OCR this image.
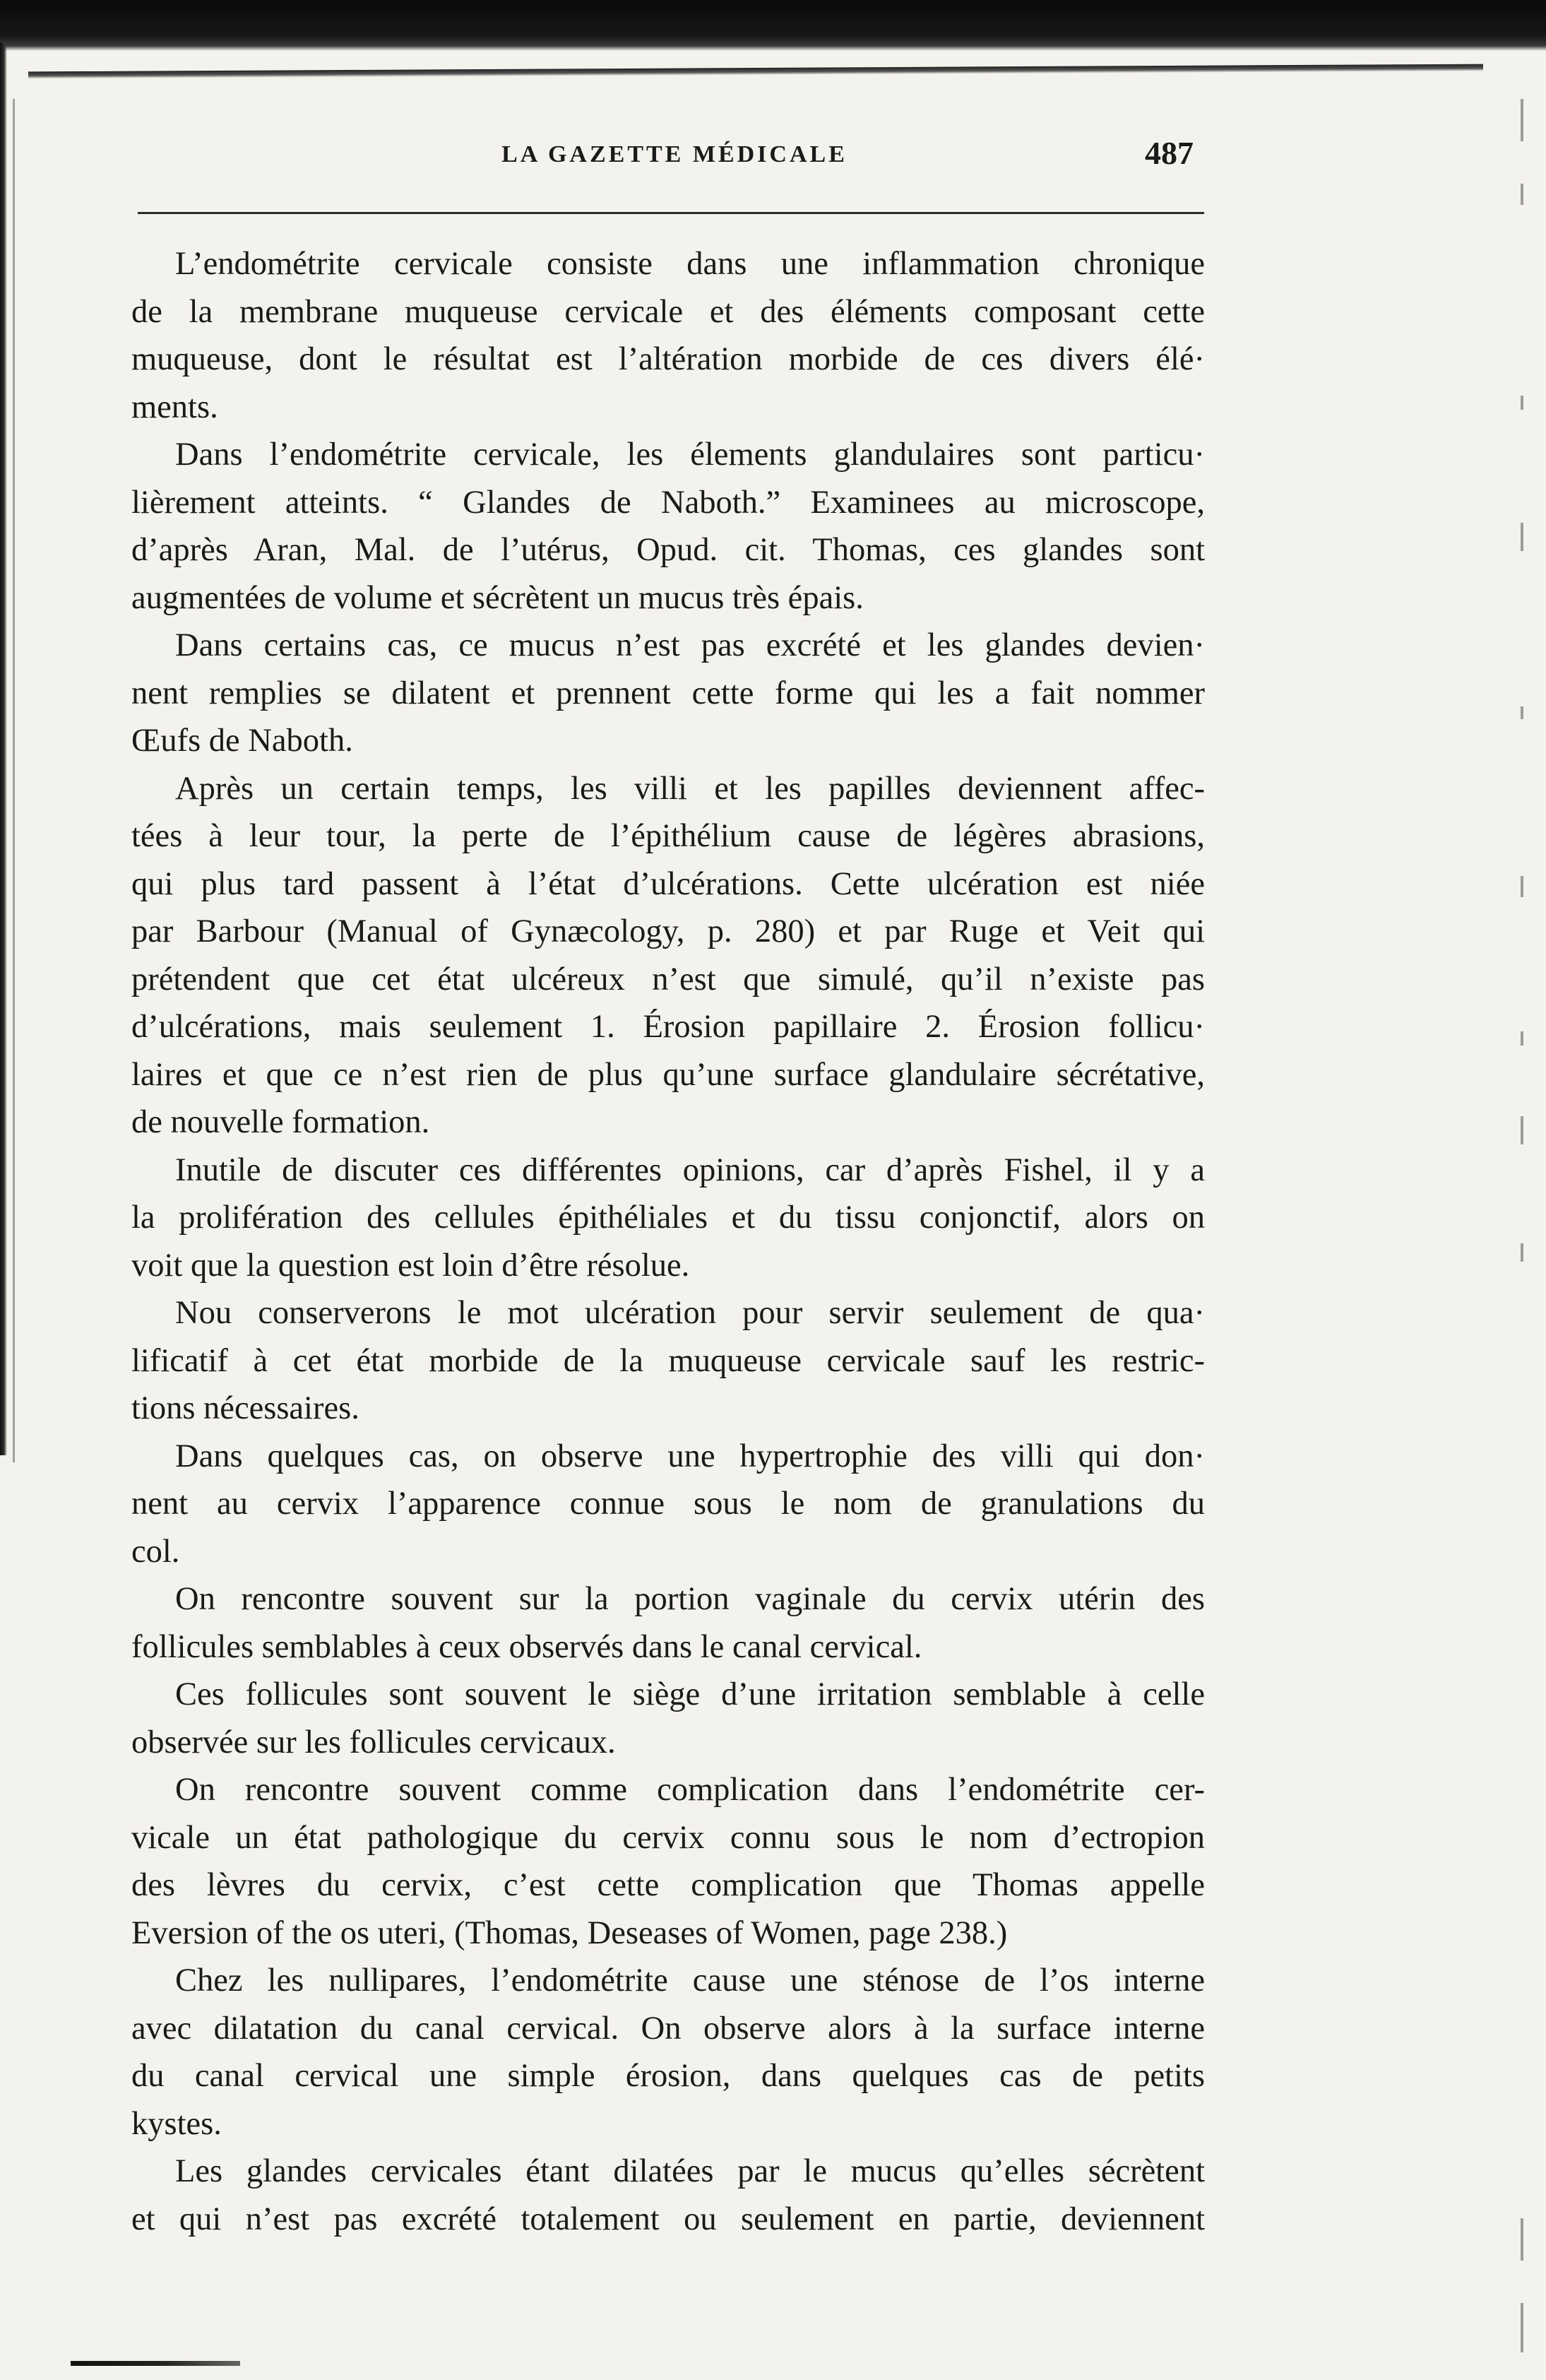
LA GAZETTE MÉDICALE	487
L’endométrite cervicale consiste dans une inflammation chronique
de la membrane muqueuse cervicale et des éléments composant cette
muqueuse, dont le résultat est l’altération morbide de ces divers élé·
ments.
Dans l’endométrite cervicale, les élements glandulaires sont particu·
lièrement atteints. “ Glandes de Naboth.” Examinees au microscope,
d’après Aran, Mal. de l’utérus, Opud. cit. Thomas, ces glandes sont
augmentées de volume et sécrètent un mucus très épais.
Dans certains cas, ce mucus n’est pas excrété et les glandes devien·
nent remplies se dilatent et prennent cette forme qui les a fait nommer
Œufs de Naboth.
Après un certain temps, les villi et les papilles deviennent affec-
tées à leur tour, la perte de l’épithélium cause de légères abrasions,
qui plus tard passent à l’état d’ulcérations. Cette ulcération est niée
par Barbour (Manual of Gynæcology, p. 280) et par Ruge et Veit qui
prétendent que cet état ulcéreux n’est que simulé, qu’il n’existe pas
d’ulcérations, mais seulement 1. Érosion papillaire 2. Érosion follicu·
laires et que ce n’est rien de plus qu’une surface glandulaire sécrétative,
de nouvelle formation.
Inutile de discuter ces différentes opinions, car d’après Fishel, il y a
la prolifération des cellules épithéliales et du tissu conjonctif, alors on
voit que la question est loin d’être résolue.
Nou conserverons le mot ulcération pour servir seulement de qua·
lificatif à cet état morbide de la muqueuse cervicale sauf les restric-
tions nécessaires.
Dans quelques cas, on observe une hypertrophie des villi qui don·
nent au cervix l’apparence connue sous le nom de granulations du
col.
On rencontre souvent sur la portion vaginale du cervix utérin des
follicules semblables à ceux observés dans le canal cervical.
Ces follicules sont souvent le siège d’une irritation semblable à celle
observée sur les follicules cervicaux.
On rencontre souvent comme complication dans l’endométrite cer-
vicale un état pathologique du cervix connu sous le nom d’ectropion
des lèvres du cervix, c’est cette complication que Thomas appelle
Eversion of the os uteri, (Thomas, Deseases of Women, page 238.)
Chez les nullipares, l’endométrite cause une sténose de l’os interne
avec dilatation du canal cervical. On observe alors à la surface interne
du canal cervical une simple érosion, dans quelques cas de petits
kystes.
Les glandes cervicales étant dilatées par le mucus qu’elles sécrètent
et qui n’est pas excrété totalement ou seulement en partie, deviennent
